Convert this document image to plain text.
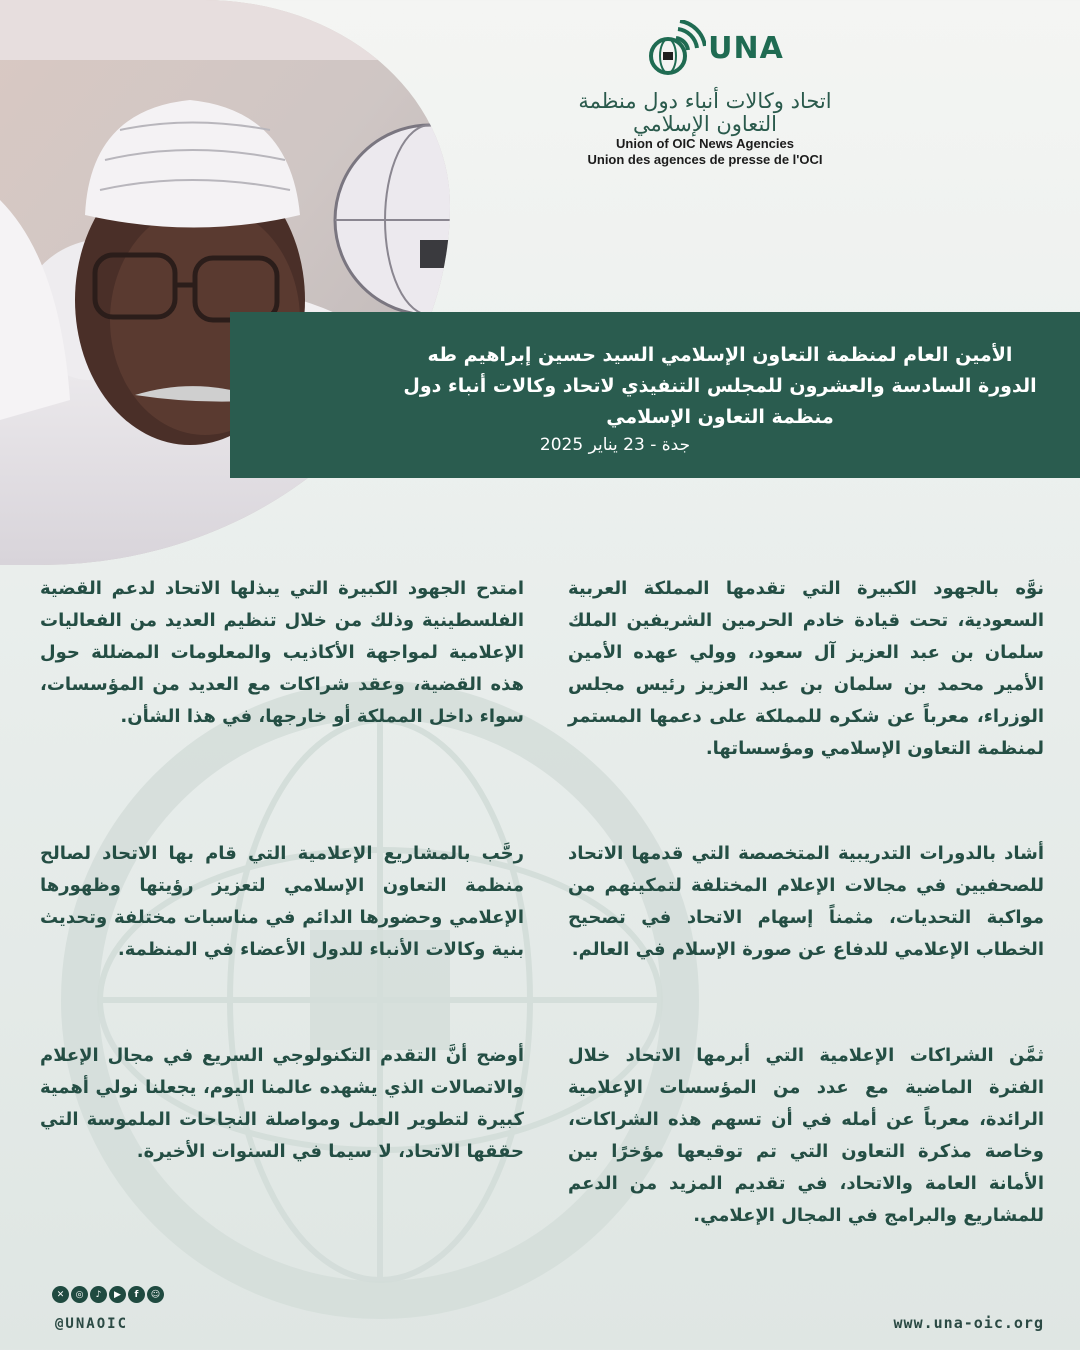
UNA
اتحاد وكالات أنباء دول منظمة التعاون الإسلامي
Union of OIC News Agencies
Union des agences de presse de l'OCI
الأمين العام لمنظمة التعاون الإسلامي السيد حسين إبراهيم طه الدورة السادسة والعشرون للمجلس التنفيذي لاتحاد وكالات أنباء دول منظمة التعاون الإسلامي
جدة - 23 يناير 2025

نوَّه بالجهود الكبيرة التي تقدمها المملكة العربية السعودية، تحت قيادة خادم الحرمين الشريفين الملك سلمان بن عبد العزيز آل سعود، وولي عهده الأمين الأمير محمد بن سلمان بن عبد العزيز رئيس مجلس الوزراء، معرباً عن شكره للمملكة على دعمها المستمر لمنظمة التعاون الإسلامي ومؤسساتها.

امتدح الجهود الكبيرة التي يبذلها الاتحاد لدعم القضية الفلسطينية وذلك من خلال تنظيم العديد من الفعاليات الإعلامية لمواجهة الأكاذيب والمعلومات المضللة حول هذه القضية، وعقد شراكات مع العديد من المؤسسات، سواء داخل المملكة أو خارجها، في هذا الشأن.

أشاد بالدورات التدريبية المتخصصة التي قدمها الاتحاد للصحفيين في مجالات الإعلام المختلفة لتمكينهم من مواكبة التحديات، مثمناً إسهام الاتحاد في تصحيح الخطاب الإعلامي للدفاع عن صورة الإسلام في العالم.

رحَّب بالمشاريع الإعلامية التي قام بها الاتحاد لصالح منظمة التعاون الإسلامي لتعزيز رؤيتها وظهورها الإعلامي وحضورها الدائم في مناسبات مختلفة وتحديث بنية وكالات الأنباء للدول الأعضاء في المنظمة.

ثمَّن الشراكات الإعلامية التي أبرمها الاتحاد خلال الفترة الماضية مع عدد من المؤسسات الإعلامية الرائدة، معرباً عن أمله في أن تسهم هذه الشراكات، وخاصة مذكرة التعاون التي تم توقيعها مؤخرًا بين الأمانة العامة والاتحاد، في تقديم المزيد من الدعم للمشاريع والبرامج في المجال الإعلامي.

أوضح أنَّ التقدم التكنولوجي السريع في مجال الإعلام والاتصالات الذي يشهده عالمنا اليوم، يجعلنا نولي أهمية كبيرة لتطوير العمل ومواصلة النجاحات الملموسة التي حققها الاتحاد، لا سيما في السنوات الأخيرة.

✕	◎	♪	▶	f	☺
@UNAOIC	www.una-oic.org
